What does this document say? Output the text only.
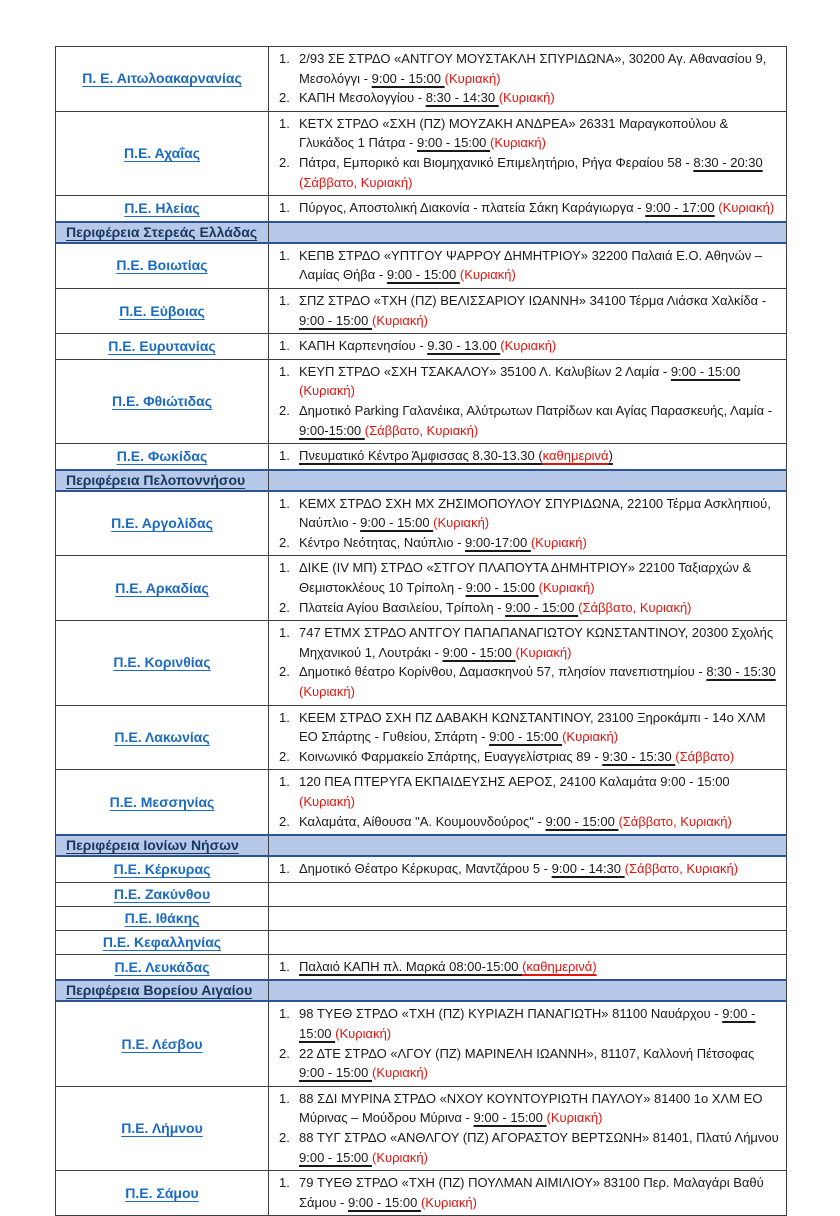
Π. Ε. Αιτωλοακαρνανίας	1. 2/93 ΣΕ ΣΤΡΔΟ «ΑΝΤΓΟΥ ΜΟΥΣΤΑΚΛΗ ΣΠΥΡΙΔΩΝΑ», 30200 Αγ. Αθανασίου 9, Μεσολόγγι - 9:00 - 15:00 (Κυριακή)
2. ΚΑΠΗ Μεσολογγίου - 8:30 - 14:30 (Κυριακή)

Π.Ε. Αχαΐας	1. ΚΕΤΧ ΣΤΡΔΟ «ΣΧΗ (ΠΖ) ΜΟΥΖΑΚΗ ΑΝΔΡΕΑ» 26331 Μαραγκοπούλου & Γλυκάδος 1 Πάτρα - 9:00 - 15:00 (Κυριακή)
2. Πάτρα, Εμπορικό και Βιομηχανικό Επιμελητήριο, Ρήγα Φεραίου 58 - 8:30 - 20:30 (Σάββατο, Κυριακή)

Π.Ε. Ηλείας	1. Πύργος, Αποστολική Διακονία - πλατεία Σάκη Καράγιωργα - 9:00 - 17:00 (Κυριακή)

Περιφέρεια Στερεάς Ελλάδας	
Π.Ε. Βοιωτίας	1. ΚΕΠΒ ΣΤΡΔΟ «ΥΠΤΓΟΥ ΨΑΡΡΟΥ ΔΗΜΗΤΡΙΟΥ» 32200 Παλαιά Ε.Ο. Αθηνών – Λαμίας Θήβα - 9:00 - 15:00 (Κυριακή)

Π.Ε. Εύβοιας	1. ΣΠΖ ΣΤΡΔΟ «ΤΧΗ (ΠΖ) ΒΕΛΙΣΣΑΡΙΟΥ ΙΩΑΝΝΗ» 34100 Τέρμα Λιάσκα Χαλκίδα - 9:00 - 15:00 (Κυριακή)

Π.Ε. Ευρυτανίας	1. ΚΑΠΗ Καρπενησίου - 9.30 - 13.00 (Κυριακή)

Π.Ε. Φθιώτιδας	1. ΚΕΥΠ ΣΤΡΔΟ «ΣΧΗ ΤΣΑΚΑΛΟΥ» 35100 Λ. Καλυβίων 2 Λαμία - 9:00 - 15:00 (Κυριακή)
2. Δημοτικό Parking Γαλανέικα, Αλύτρωτων Πατρίδων και Αγίας Παρασκευής, Λαμία - 9:00-15:00 (Σάββατο, Κυριακή)

Π.Ε. Φωκίδας	1. Πνευματικό Κέντρο Άμφισσας 8.30-13.30 (καθημερινά)

Περιφέρεια Πελοποννήσου	
Π.Ε. Αργολίδας	1. ΚΕΜΧ ΣΤΡΔΟ ΣΧΗ ΜΧ ΖΗΣΙΜΟΠΟΥΛΟΥ ΣΠΥΡΙΔΩΝΑ, 22100 Τέρμα Ασκληπιού, Ναύπλιο - 9:00 - 15:00 (Κυριακή)
2. Κέντρο Νεότητας, Ναύπλιο - 9:00-17:00 (Κυριακή)

Π.Ε. Αρκαδίας	1. ΔΙΚΕ (IV ΜΠ) ΣΤΡΔΟ «ΣΤΓΟΥ ΠΛΑΠΟΥΤΑ ΔΗΜΗΤΡΙΟΥ» 22100 Ταξιαρχών & Θεμιστοκλέους 10 Τρίπολη - 9:00 - 15:00 (Κυριακή)
2. Πλατεία Αγίου Βασιλείου, Τρίπολη - 9:00 - 15:00 (Σάββατο, Κυριακή)

Π.Ε. Κορινθίας	1. 747 ΕΤΜΧ ΣΤΡΔΟ ΑΝΤΓΟΥ ΠΑΠΑΠΑΝΑΓΙΩΤΟΥ ΚΩΝΣΤΑΝΤΙΝΟΥ, 20300 Σχολής Μηχανικού 1, Λουτράκι - 9:00 - 15:00 (Κυριακή)
2. Δημοτικό θέατρο Κορίνθου, Δαμασκηνού 57, πλησίον πανεπιστημίου - 8:30 - 15:30 (Κυριακή)

Π.Ε. Λακωνίας	1. ΚΕΕΜ ΣΤΡΔΟ ΣΧΗ ΠΖ ΔΑΒΑΚΗ ΚΩΝΣΤΑΝΤΙΝΟΥ, 23100 Ξηροκάμπι - 14ο ΧΛΜ ΕΟ Σπάρτης - Γυθείου, Σπάρτη - 9:00 - 15:00 (Κυριακή)
2. Κοινωνικό Φαρμακείο Σπάρτης, Ευαγγελίστριας 89 - 9:30 - 15:30 (Σάββατο)

Π.Ε. Μεσσηνίας	1. 120 ΠΕΑ ΠΤΕΡΥΓΑ ΕΚΠΑΙΔΕΥΣΗΣ ΑΕΡΟΣ, 24100 Καλαμάτα 9:00 - 15:00 (Κυριακή)
2. Καλαμάτα, Αίθουσα "Α. Κουμουνδούρος" - 9:00 - 15:00 (Σάββατο, Κυριακή)

Περιφέρεια Ιονίων Νήσων	
Π.Ε. Κέρκυρας	1. Δημοτικό Θέατρο Κέρκυρας, Μαντζάρου 5 - 9:00 - 14:30 (Σάββατο, Κυριακή)

Π.Ε. Ζακύνθου	
Π.Ε. Ιθάκης	
Π.Ε. Κεφαλληνίας	
Π.Ε. Λευκάδας	1. Παλαιό ΚΑΠΗ πλ. Μαρκά 08:00-15:00 (καθημερινά)

Περιφέρεια Βορείου Αιγαίου	
Π.Ε. Λέσβου	1. 98 ΤΥΕΘ ΣΤΡΔΟ «ΤΧΗ (ΠΖ) ΚΥΡΙΑΖΗ ΠΑΝΑΓΙΩΤΗ» 81100 Ναυάρχου - 9:00 - 15:00 (Κυριακή)
2. 22 ΔΤΕ ΣΤΡΔΟ «ΛΓΟΥ (ΠΖ) ΜΑΡΙΝΕΛΗ ΙΩΑΝΝΗ», 81107, Καλλονή Πέτσοφας 9:00 - 15:00 (Κυριακή)

Π.Ε. Λήμνου	1. 88 ΣΔΙ ΜΥΡΙΝΑ ΣΤΡΔΟ «ΝΧΟΥ ΚΟΥΝΤΟΥΡΙΩΤΗ ΠΑΥΛΟΥ» 81400 1ο ΧΛΜ ΕΟ Μύρινας – Μούδρου Μύρινα - 9:00 - 15:00 (Κυριακή)
2. 88 ΤΥΓ ΣΤΡΔΟ «ΑΝΘΛΓΟΥ (ΠΖ) ΑΓΟΡΑΣΤΟΥ ΒΕΡΤΣΩΝΗ» 81401, Πλατύ Λήμνου 9:00 - 15:00 (Κυριακή)

Π.Ε. Σάμου	1. 79 ΤΥΕΘ ΣΤΡΔΟ «ΤΧΗ (ΠΖ) ΠΟΥΛΜΑΝ ΑΙΜΙΛΙΟΥ» 83100 Περ. Μαλαγάρι Βαθύ Σάμου - 9:00 - 15:00 (Κυριακή)
